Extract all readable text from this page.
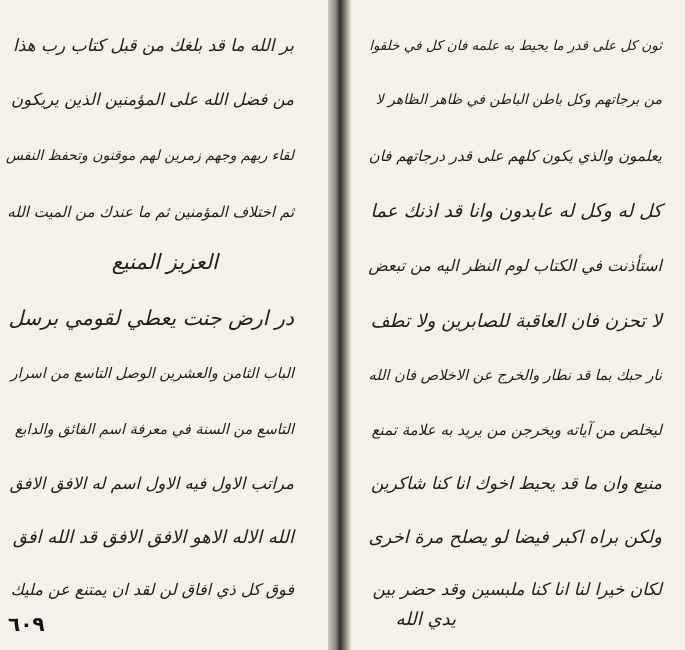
بر الله ما قد بلغك من قبل كتاب رب هذا
من فضل الله على المؤمنين الذين يريكون
لقاء ربهم وجهم زمرين لهم موقنون وتحفظ النفس
ثم اختلاف المؤمنين ثم ما عندك من الميت الله
العزيز المنيع
در ارض جنت يعطي لقومي برسل
الباب الثامن والعشرين الوصل التاسع من اسرار
التاسع من السنة في معرفة اسم الفائق والدابع
مراتب الاول فيه الاول اسم له الافق الافق
الله الاله الاهو الافق الافق قد الله افق
فوق كل ذي افاق لن لقد ان يمتنع عن مليك
٦٠٩
ثون كل على قدر ما يحيط به علمه فان كل في خلقوا
من برجاتهم وكل باطن الباطن في ظاهر الظاهر لا
يعلمون والذي يكون كلهم على قدر درجاتهم فان
كل له وكل له عابدون وانا قد اذنك عما
استأذنت في الكتاب لوم النظر اليه من تبعض
لا تحزن فان العاقبة للصابرين ولا تطف
نار حبك بما قد نطار والخرج عن الاخلاص فان الله
ليخلص من آياته ويخرجن من يريد به علامة تمنع
منيع وان ما قد يحيط اخوك انا كنا شاكرين
ولكن براه اكبر فيضا لو يصلح مرة اخرى
لكان خيرا لنا انا كنا ملبسين وقد حضر بين
يدي الله
